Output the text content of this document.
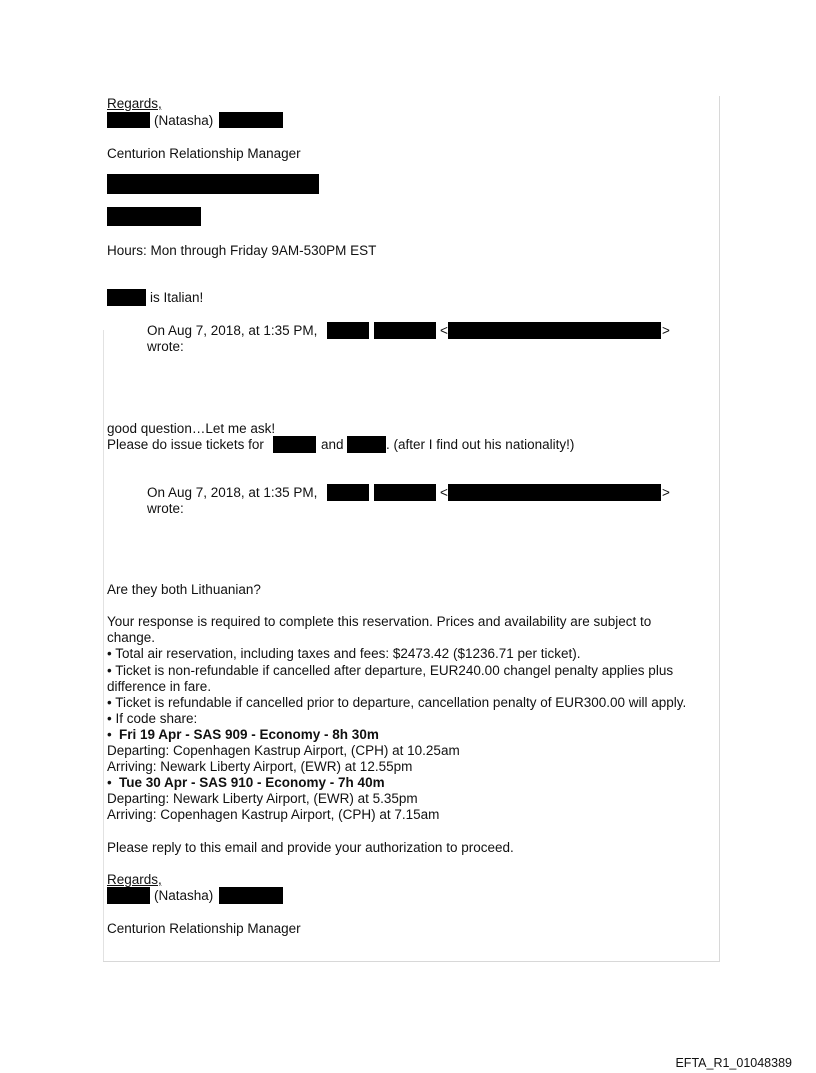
Regards,
(Natasha)
Centurion Relationship Manager
Hours: Mon through Friday 9AM-530PM EST
is Italian!
On Aug 7, 2018, at 1:35 PM,	<	>
wrote:
good question…Let me ask!
Please do issue tickets for	and	. (after I find out his nationality!)
On Aug 7, 2018, at 1:35 PM,	<	>
wrote:
Are they both Lithuanian?
Your response is required to complete this reservation. Prices and availability are subject to
change.
• Total air reservation, including taxes and fees: $2473.42 ($1236.71 per ticket).
• Ticket is non-refundable if cancelled after departure, EUR240.00 changel penalty applies plus
difference in fare.
• Ticket is refundable if cancelled prior to departure, cancellation penalty of EUR300.00 will apply.
• If code share:
• Fri 19 Apr - SAS 909 - Economy - 8h 30m
Departing: Copenhagen Kastrup Airport, (CPH) at 10.25am
Arriving: Newark Liberty Airport, (EWR) at 12.55pm
• Tue 30 Apr - SAS 910 - Economy - 7h 40m
Departing: Newark Liberty Airport, (EWR) at 5.35pm
Arriving: Copenhagen Kastrup Airport, (CPH) at 7.15am
Please reply to this email and provide your authorization to proceed.
Regards,
(Natasha)
Centurion Relationship Manager
EFTA_R1_01048389
